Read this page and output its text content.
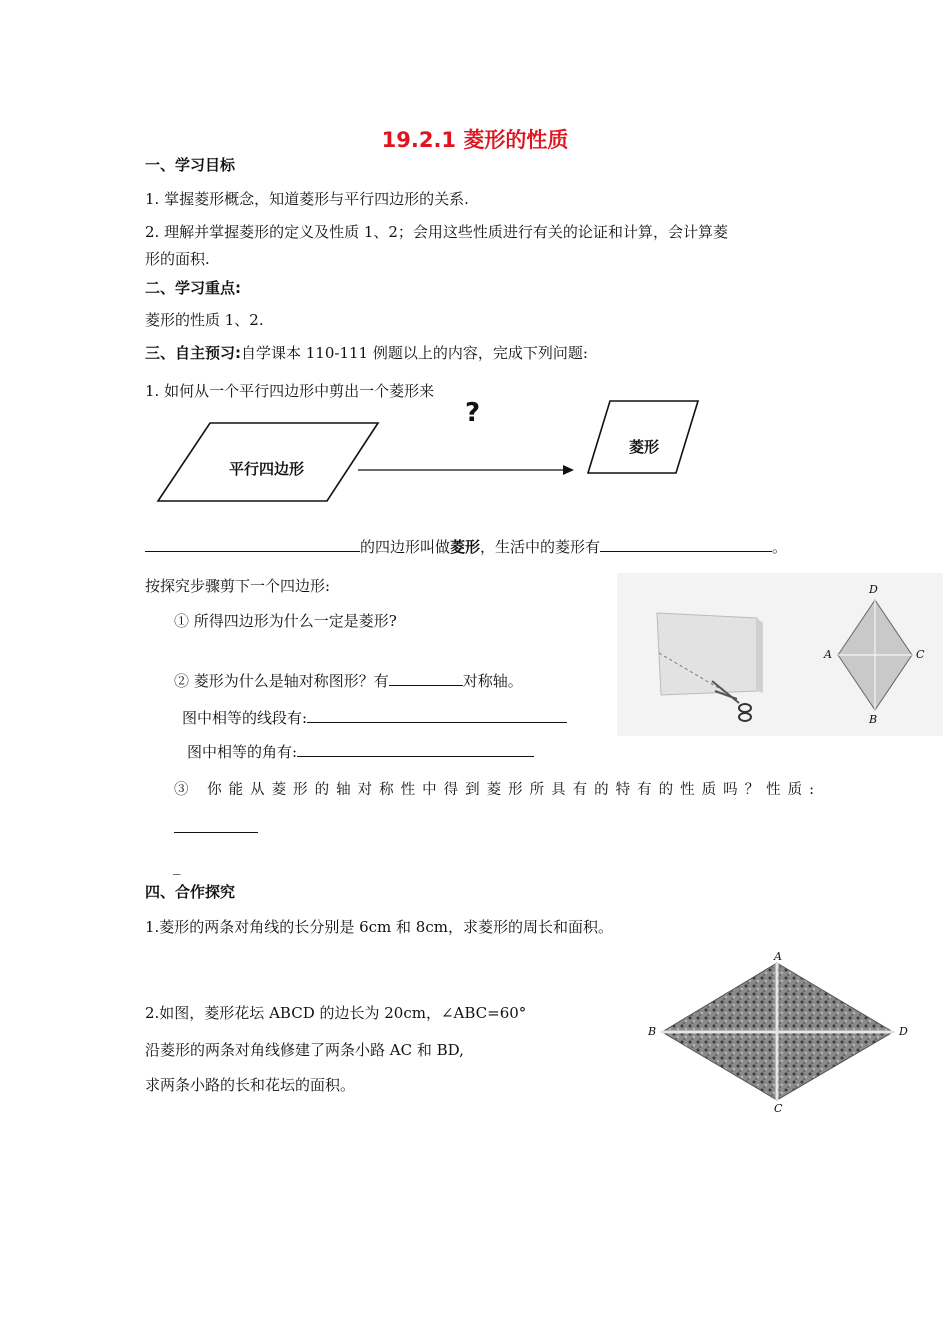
19.2.1 菱形的性质
一、学习目标
1. 掌握菱形概念，知道菱形与平行四边形的关系.
2. 理解并掌握菱形的定义及性质 1、2；会用这些性质进行有关的论证和计算，会计算菱
形的面积.
二、学习重点:
菱形的性质 1、2.
三、自主预习:自学课本 110-111 例题以上的内容，完成下列问题:
1. 如何从一个平行四边形中剪出一个菱形来
?
平行四边形
菱形
的四边形叫做菱形，生活中的菱形有	。
按探究步骤剪下一个四边形:	D
A	C
B
① 所得四边形为什么一定是菱形?
② 菱形为什么是轴对称图形？有	对称轴。
图中相等的线段有:
图中相等的角有:
③ 你能从菱形的轴对称性中得到菱形所具有的特有的性质吗？性质:
_
四、合作探究
1.菱形的两条对角线的长分别是 6cm 和 8cm，求菱形的周长和面积。
2.如图，菱形花坛 ABCD 的边长为 20cm，∠ABC=60°
沿菱形的两条对角线修建了两条小路 AC 和 BD,
求两条小路的长和花坛的面积。
A
B
C
D
